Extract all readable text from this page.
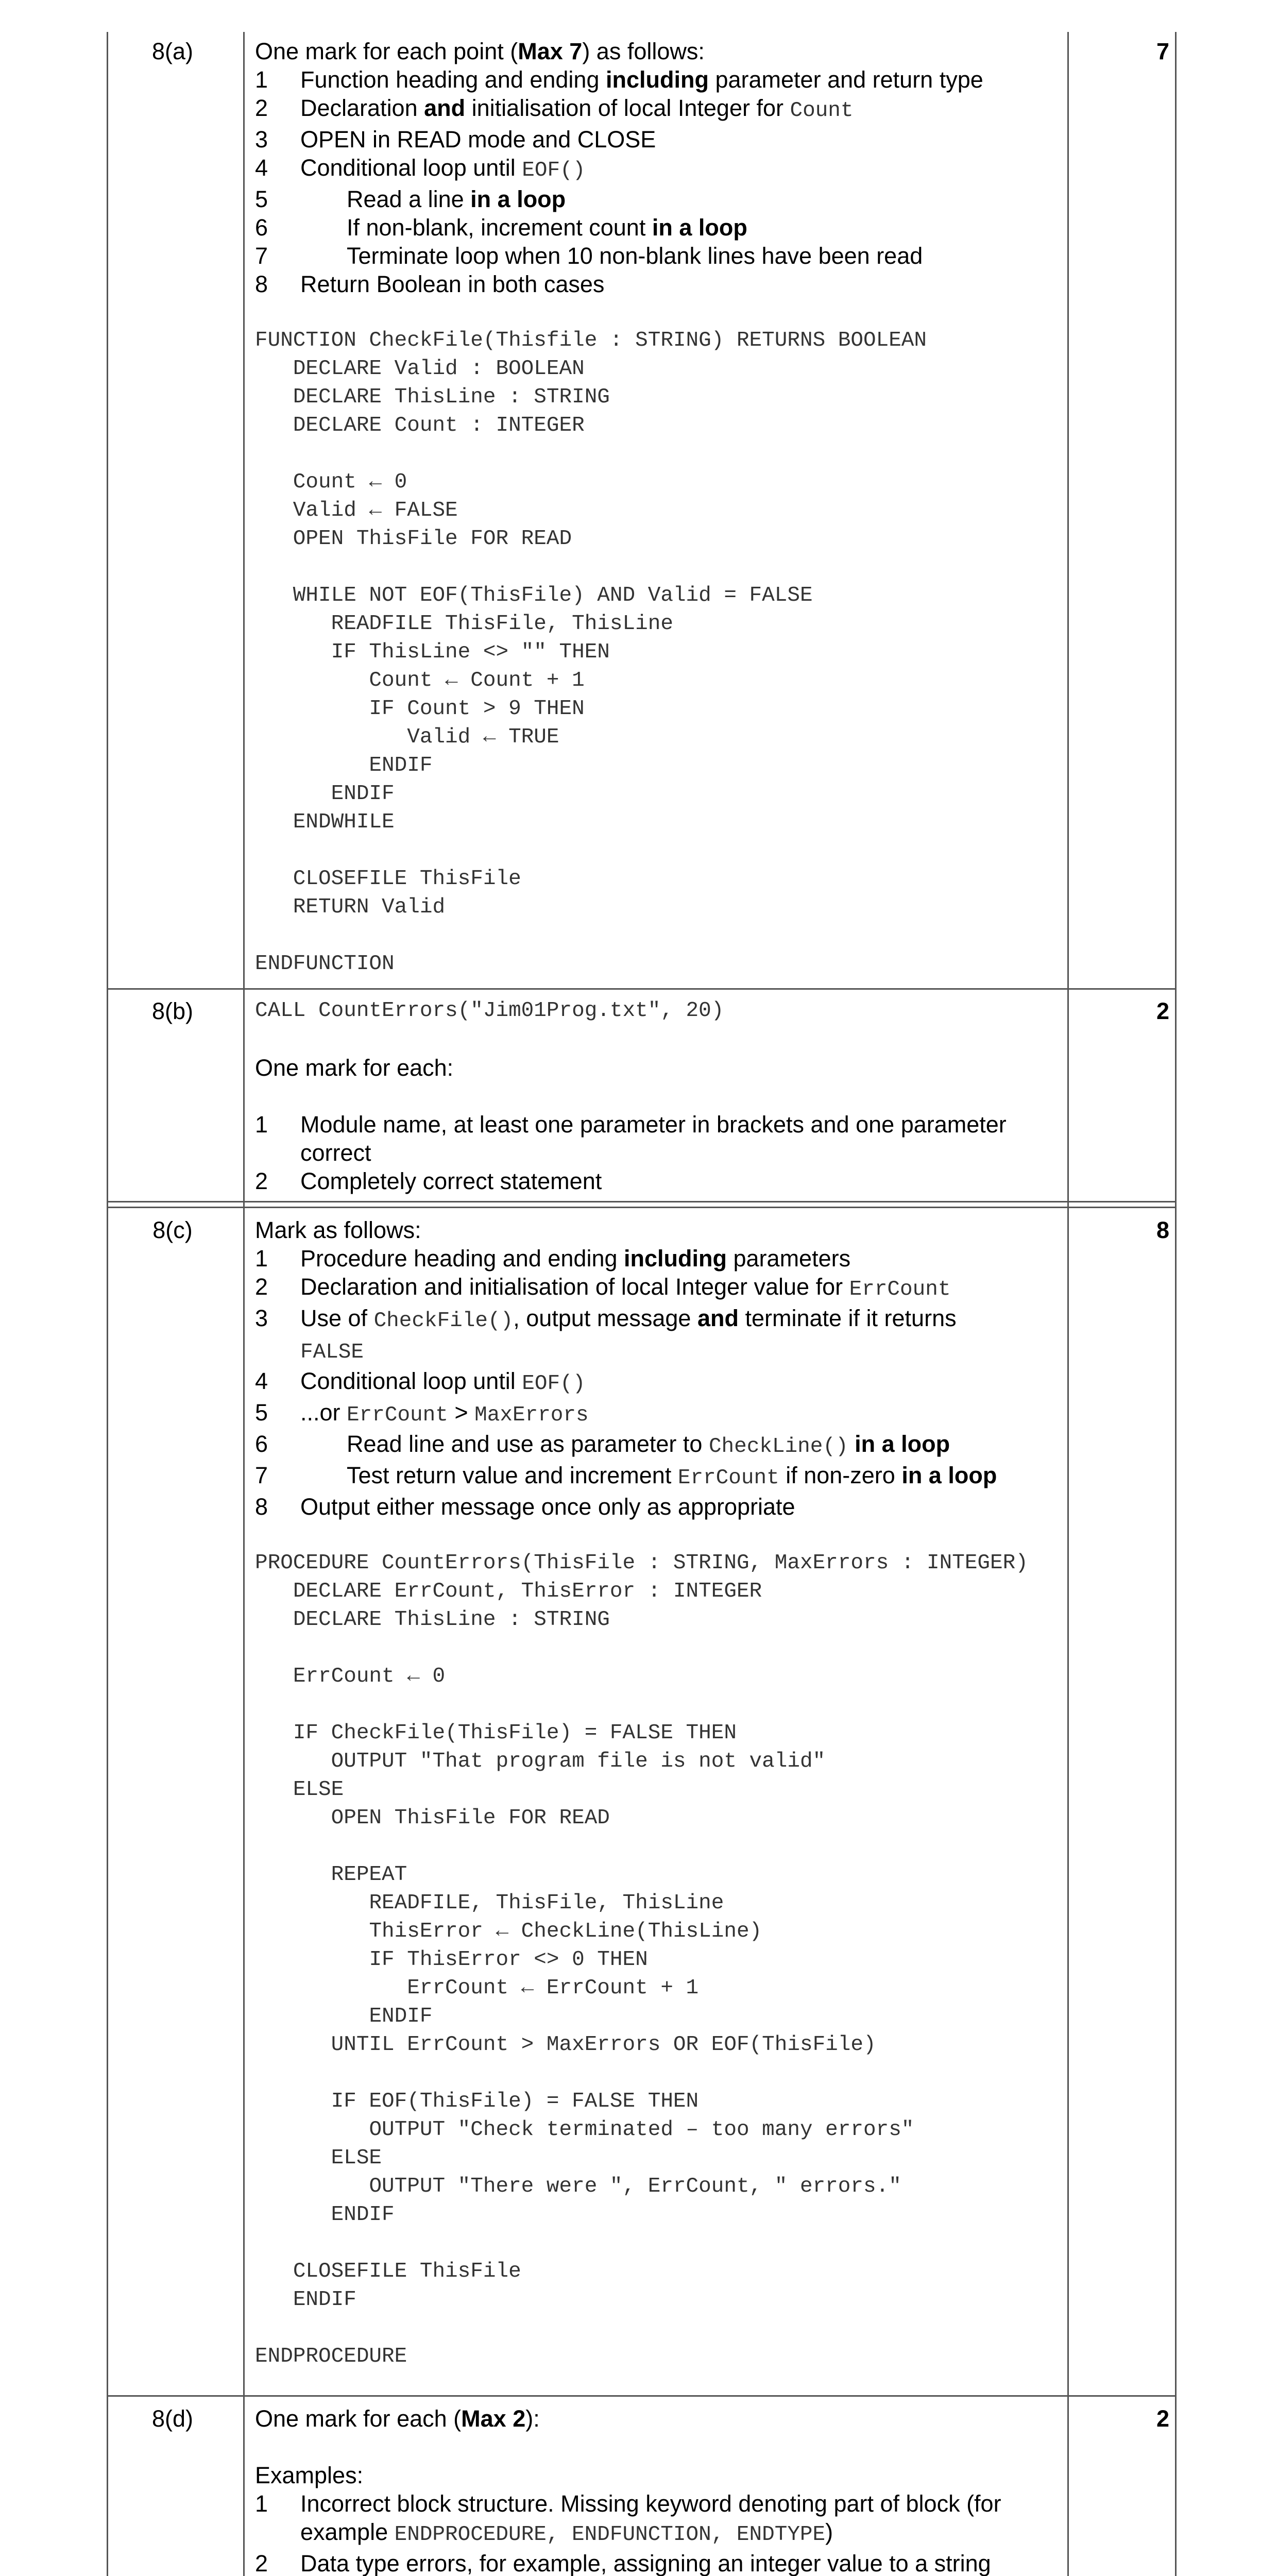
8(a)	7
One mark for each point (Max 7) as follows:
1	Function heading and ending including parameter and return type
2	Declaration and initialisation of local Integer for Count
3	OPEN in READ mode and CLOSE
4	Conditional loop until EOF()
5	Read a line in a loop
6	If non-blank, increment count in a loop
7	Terminate loop when 10 non-blank lines have been read
8	Return Boolean in both cases
FUNCTION CheckFile(Thisfile : STRING) RETURNS BOOLEAN
DECLARE Valid : BOOLEAN
DECLARE ThisLine : STRING
DECLARE Count : INTEGER

Count ← 0
Valid ← FALSE
OPEN ThisFile FOR READ

WHILE NOT EOF(ThisFile) AND Valid = FALSE
READFILE ThisFile, ThisLine
IF ThisLine <> "" THEN
Count ← Count + 1
IF Count > 9 THEN
Valid ← TRUE
ENDIF
ENDIF
ENDWHILE

CLOSEFILE ThisFile
RETURN Valid

ENDFUNCTION
8(b)	2
CALL CountErrors("Jim01Prog.txt", 20)
One mark for each:
1	Module name, at least one parameter in brackets and one parameter correct
2	Completely correct statement
8(c)	8
Mark as follows:
1	Procedure heading and ending including parameters
2	Declaration and initialisation of local Integer value for ErrCount
3	Use of CheckFile(), output message and terminate if it returns
FALSE
4	Conditional loop until EOF()
5	...or ErrCount > MaxErrors
6	Read line and use as parameter to CheckLine() in a loop
7	Test return value and increment ErrCount if non-zero in a loop
8	Output either message once only as appropriate
PROCEDURE CountErrors(ThisFile : STRING, MaxErrors : INTEGER)
DECLARE ErrCount, ThisError : INTEGER
DECLARE ThisLine : STRING

ErrCount ← 0

IF CheckFile(ThisFile) = FALSE THEN
OUTPUT "That program file is not valid"
ELSE
OPEN ThisFile FOR READ

REPEAT
READFILE, ThisFile, ThisLine
ThisError ← CheckLine(ThisLine)
IF ThisError <> 0 THEN
ErrCount ← ErrCount + 1
ENDIF
UNTIL ErrCount > MaxErrors OR EOF(ThisFile)

IF EOF(ThisFile) = FALSE THEN
OUTPUT "Check terminated – too many errors"
ELSE
OUTPUT "There were ", ErrCount, " errors."
ENDIF

CLOSEFILE ThisFile
ENDIF

ENDPROCEDURE
8(d)	2
One mark for each (Max 2):
Examples:
1	Incorrect block structure. Missing keyword denoting part of block (for example ENDPROCEDURE, ENDFUNCTION, ENDTYPE)
2	Data type errors, for example, assigning an integer value to a string
